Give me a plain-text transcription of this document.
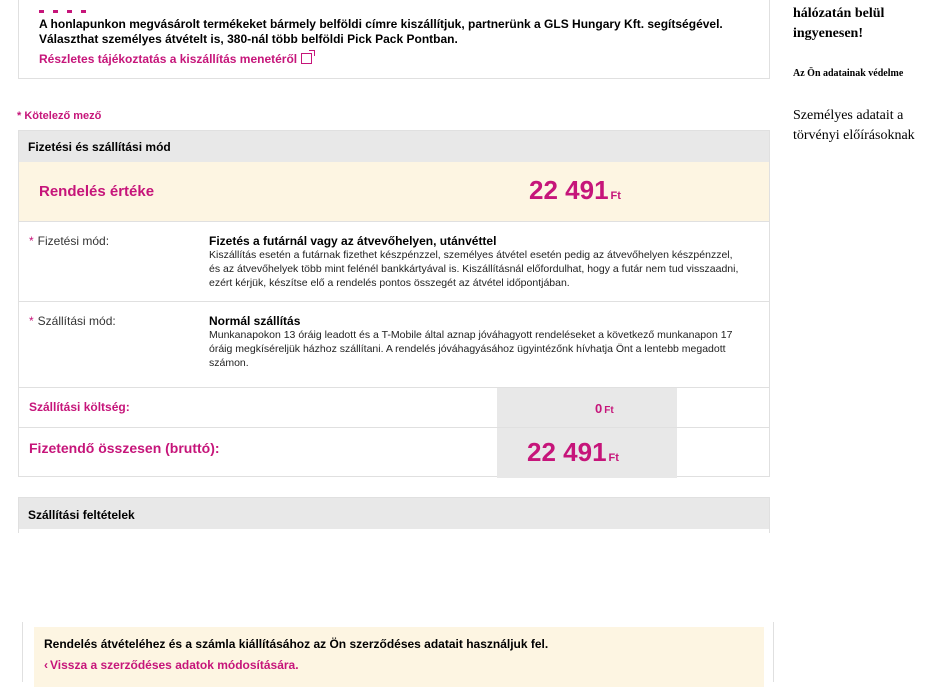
A honlapunkon megvásárolt termékeket bármely belföldi címre kiszállítjuk, partnerünk a GLS Hungary Kft. segítségével.

Választhat személyes átvételt is, 380-nál több belföldi Pick Pack Pontban.

Részletes tájékoztatás a kiszállítás menetéről

* Kötelező mező
Fizetési és szállítási mód
Rendelés értéke	22 491 Ft
* Fizetési mód:	Fizetés a futárnál vagy az átvevőhelyen, utánvéttel
Kiszállítás esetén a futárnak fizethet készpénzzel, személyes átvétel esetén pedig az átvevőhelyen készpénzzel, és az átvevőhelyek több mint felénél bankkártyával is. Kiszállításnál előfordulhat, hogy a futár nem tud visszaadni, ezért kérjük, készítse elő a rendelés pontos összegét az átvétel időpontjában.
* Szállítási mód:	Normál szállítás
Munkanapokon 13 óráig leadott és a T-Mobile által aznap jóváhagyott rendeléseket a következő munkanapon 17 óráig megkíséreljük házhoz szállítani. A rendelés jóváhagyásához ügyintézőnk hívhatja Önt a lentebb megadott számon.
Szállítási költség:	0 Ft
Fizetendő összesen (bruttó):	22 491 Ft
Szállítási feltételek
Rendelés átvételéhez és a számla kiállításához az Ön szerződéses adatait használjuk fel.
‹ Vissza a szerződéses adatok módosítására.
hálózatán belül
ingyenesen!
Az Ön adatainak védelme
Személyes adatait a
törvényi előírásoknak
